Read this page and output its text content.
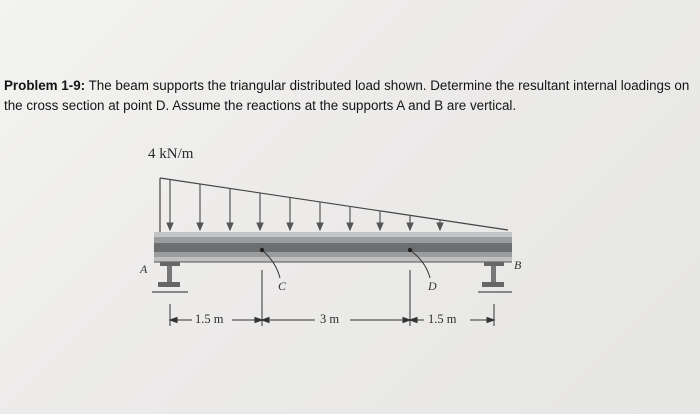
Problem 1-9: The beam supports the triangular distributed load shown. Determine the resultant internal loadings on the cross section at point D. Assume the reactions at the supports A and B are vertical.
4 kN/m
A	B
C	D
1.5 m	3 m	1.5 m
